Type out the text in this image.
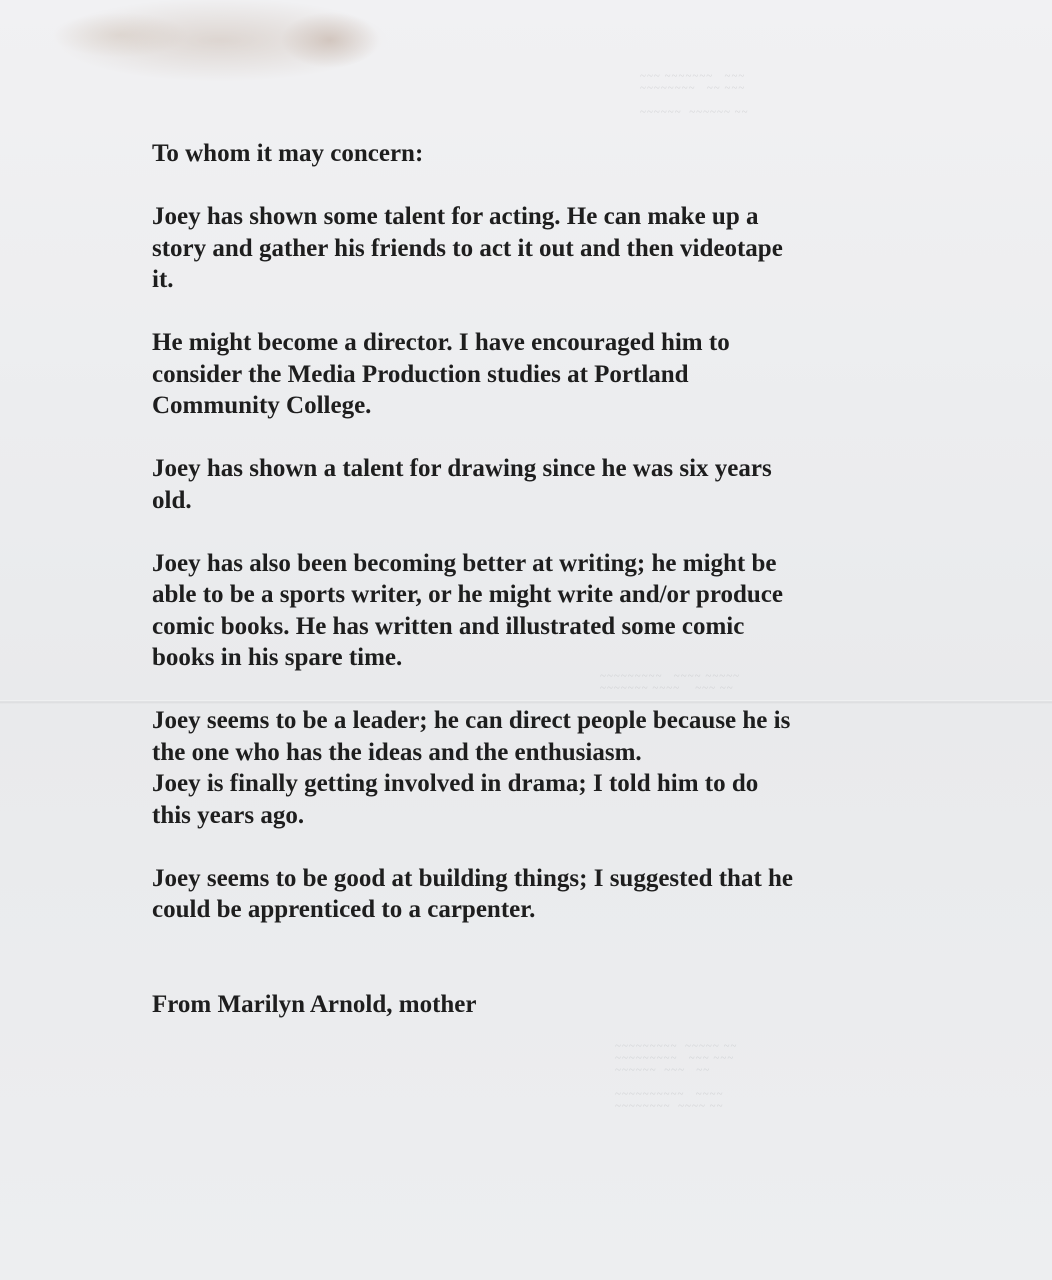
~~~ ~~~~~~~   ~~~
~~~~~~~~   ~~ ~~~

~~~~~~  ~~~~~~ ~~
~~~~~~~~~   ~~~~ ~~~~~
~~~~~~~ ~~~~    ~~~ ~~
~~~~~~~~~  ~~~~~ ~~
~~~~~~~~~   ~~~ ~~~
~~~~~~  ~~~   ~~

~~~~~~~~~~   ~~~~
~~~~~~~~  ~~~~ ~~

To whom it may concern:

Joey has shown some talent for acting. He can make up a
story and gather his friends to act it out and then videotape
it.

He might become a director. I have encouraged him to
consider the Media Production studies at Portland
Community College.

Joey has shown a talent for drawing since he was six years
old.

Joey has also been becoming better at writing; he might be
able to be a sports writer, or he might write and/or produce
comic books. He has written and illustrated some comic
books in his spare time.

Joey seems to be a leader; he can direct people because he is
the one who has the ideas and the enthusiasm.

Joey is finally getting involved in drama; I told him to do
this years ago.

Joey seems to be good at building things; I suggested that he
could be apprenticed to a carpenter.

From Marilyn Arnold, mother
